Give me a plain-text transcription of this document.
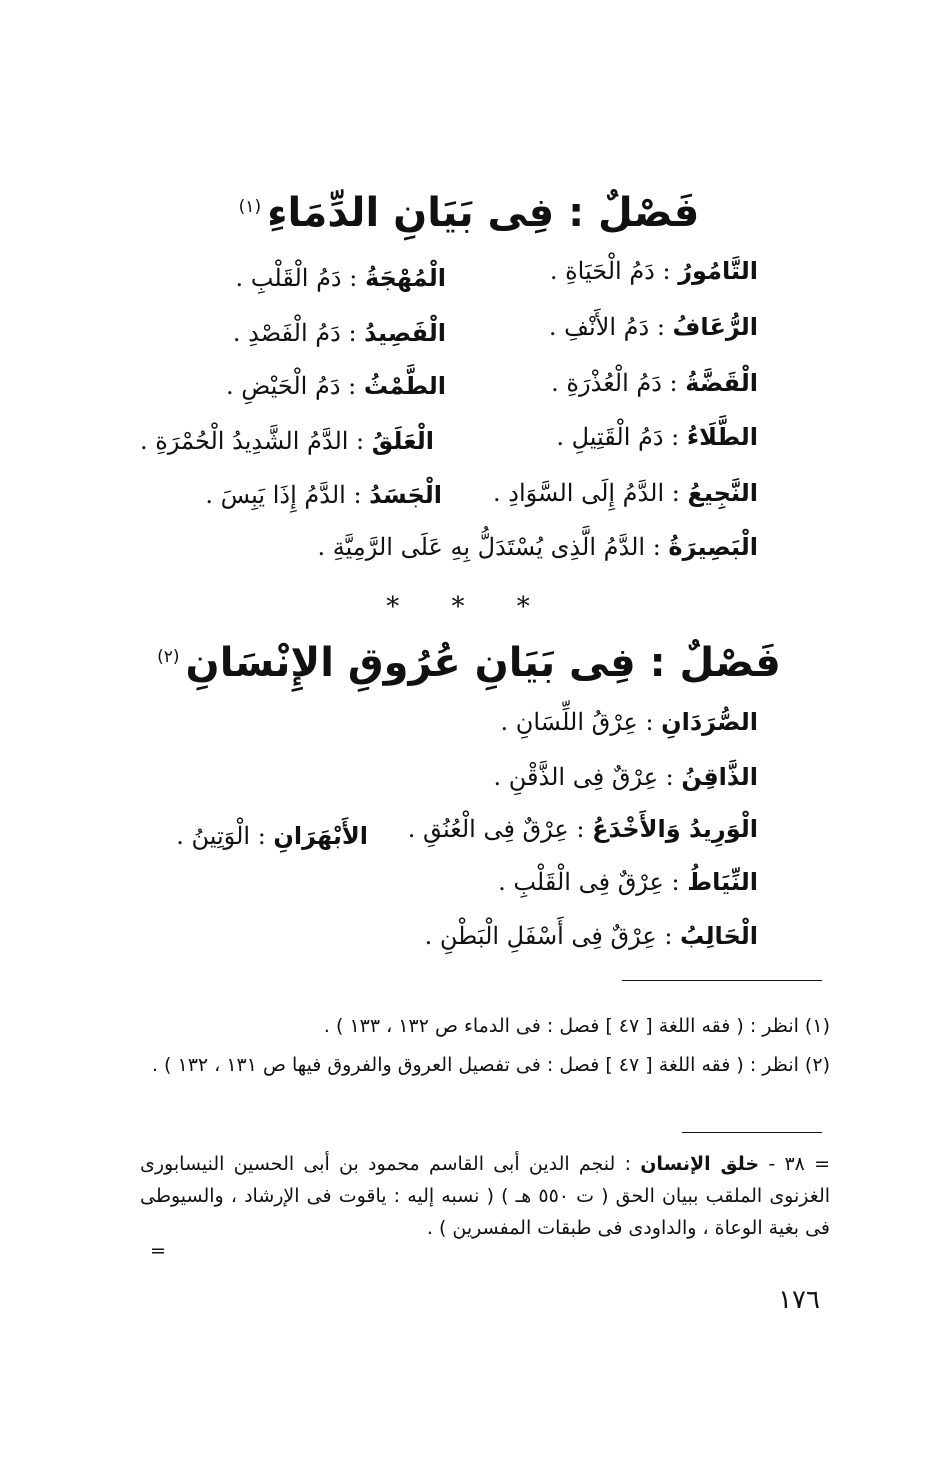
فَصْلٌ : فِى بَيَانِ الدِّمَاءِ$^{(١)}$
التَّامُورُ : دَمُ الْحَيَاةِ .
الْمُهْجَةُ : دَمُ الْقَلْبِ .
الرُّعَافُ : دَمُ الأَنْفِ .
الْفَصِيدُ : دَمُ الْفَصْدِ .
الْقَضَّةُ : دَمُ الْعُذْرَةِ .
الطَّمْثُ : دَمُ الْحَيْضِ .
الطَّلَاءُ : دَمُ الْقَتِيلِ .
الْعَلَقُ : الدَّمُ الشَّدِيدُ الْحُمْرَةِ .
النَّجِيعُ : الدَّمُ إِلَى السَّوَادِ .
الْجَسَدُ : الدَّمُ إِذَا يَبِسَ .
الْبَصِيرَةُ : الدَّمُ الَّذِى يُسْتَدَلُّ بِهِ عَلَى الرَّمِيَّةِ .
* * *
فَصْلٌ : فِى بَيَانِ عُرُوقِ الإِنْسَانِ$^{(٢)}$
الصُّرَدَانِ : عِرْقُ اللِّسَانِ .
الذَّاقِنُ : عِرْقٌ فِى الذَّقْنِ .
الْوَرِيدُ وَالأَخْدَعُ : عِرْقٌ فِى الْعُنُقِ .
الأَبْهَرَانِ : الْوَتِينُ .
النِّيَاطُ : عِرْقٌ فِى الْقَلْبِ .
الْحَالِبُ : عِرْقٌ فِى أَسْفَلِ الْبَطْنِ .
(١) انظر : ( فقه اللغة [ ٤٧ ] فصل : فى الدماء ص ١٣٢ ، ١٣٣ ) .
(٢) انظر : ( فقه اللغة [ ٤٧ ] فصل : فى تفصيل العروق والفروق فيها ص ١٣١ ، ١٣٢ ) .
= ٣٨ - خلق الإنسان : لنجم الدين أبى القاسم محمود بن أبى الحسين النيسابورى الغزنوى الملقب ببيان الحق ( ت ٥٥٠ هـ ) ( نسبه إليه : ياقوت فى الإرشاد ، والسيوطى فى بغية الوعاة ، والداودى فى طبقات المفسرين ) .
=
١٧٦
